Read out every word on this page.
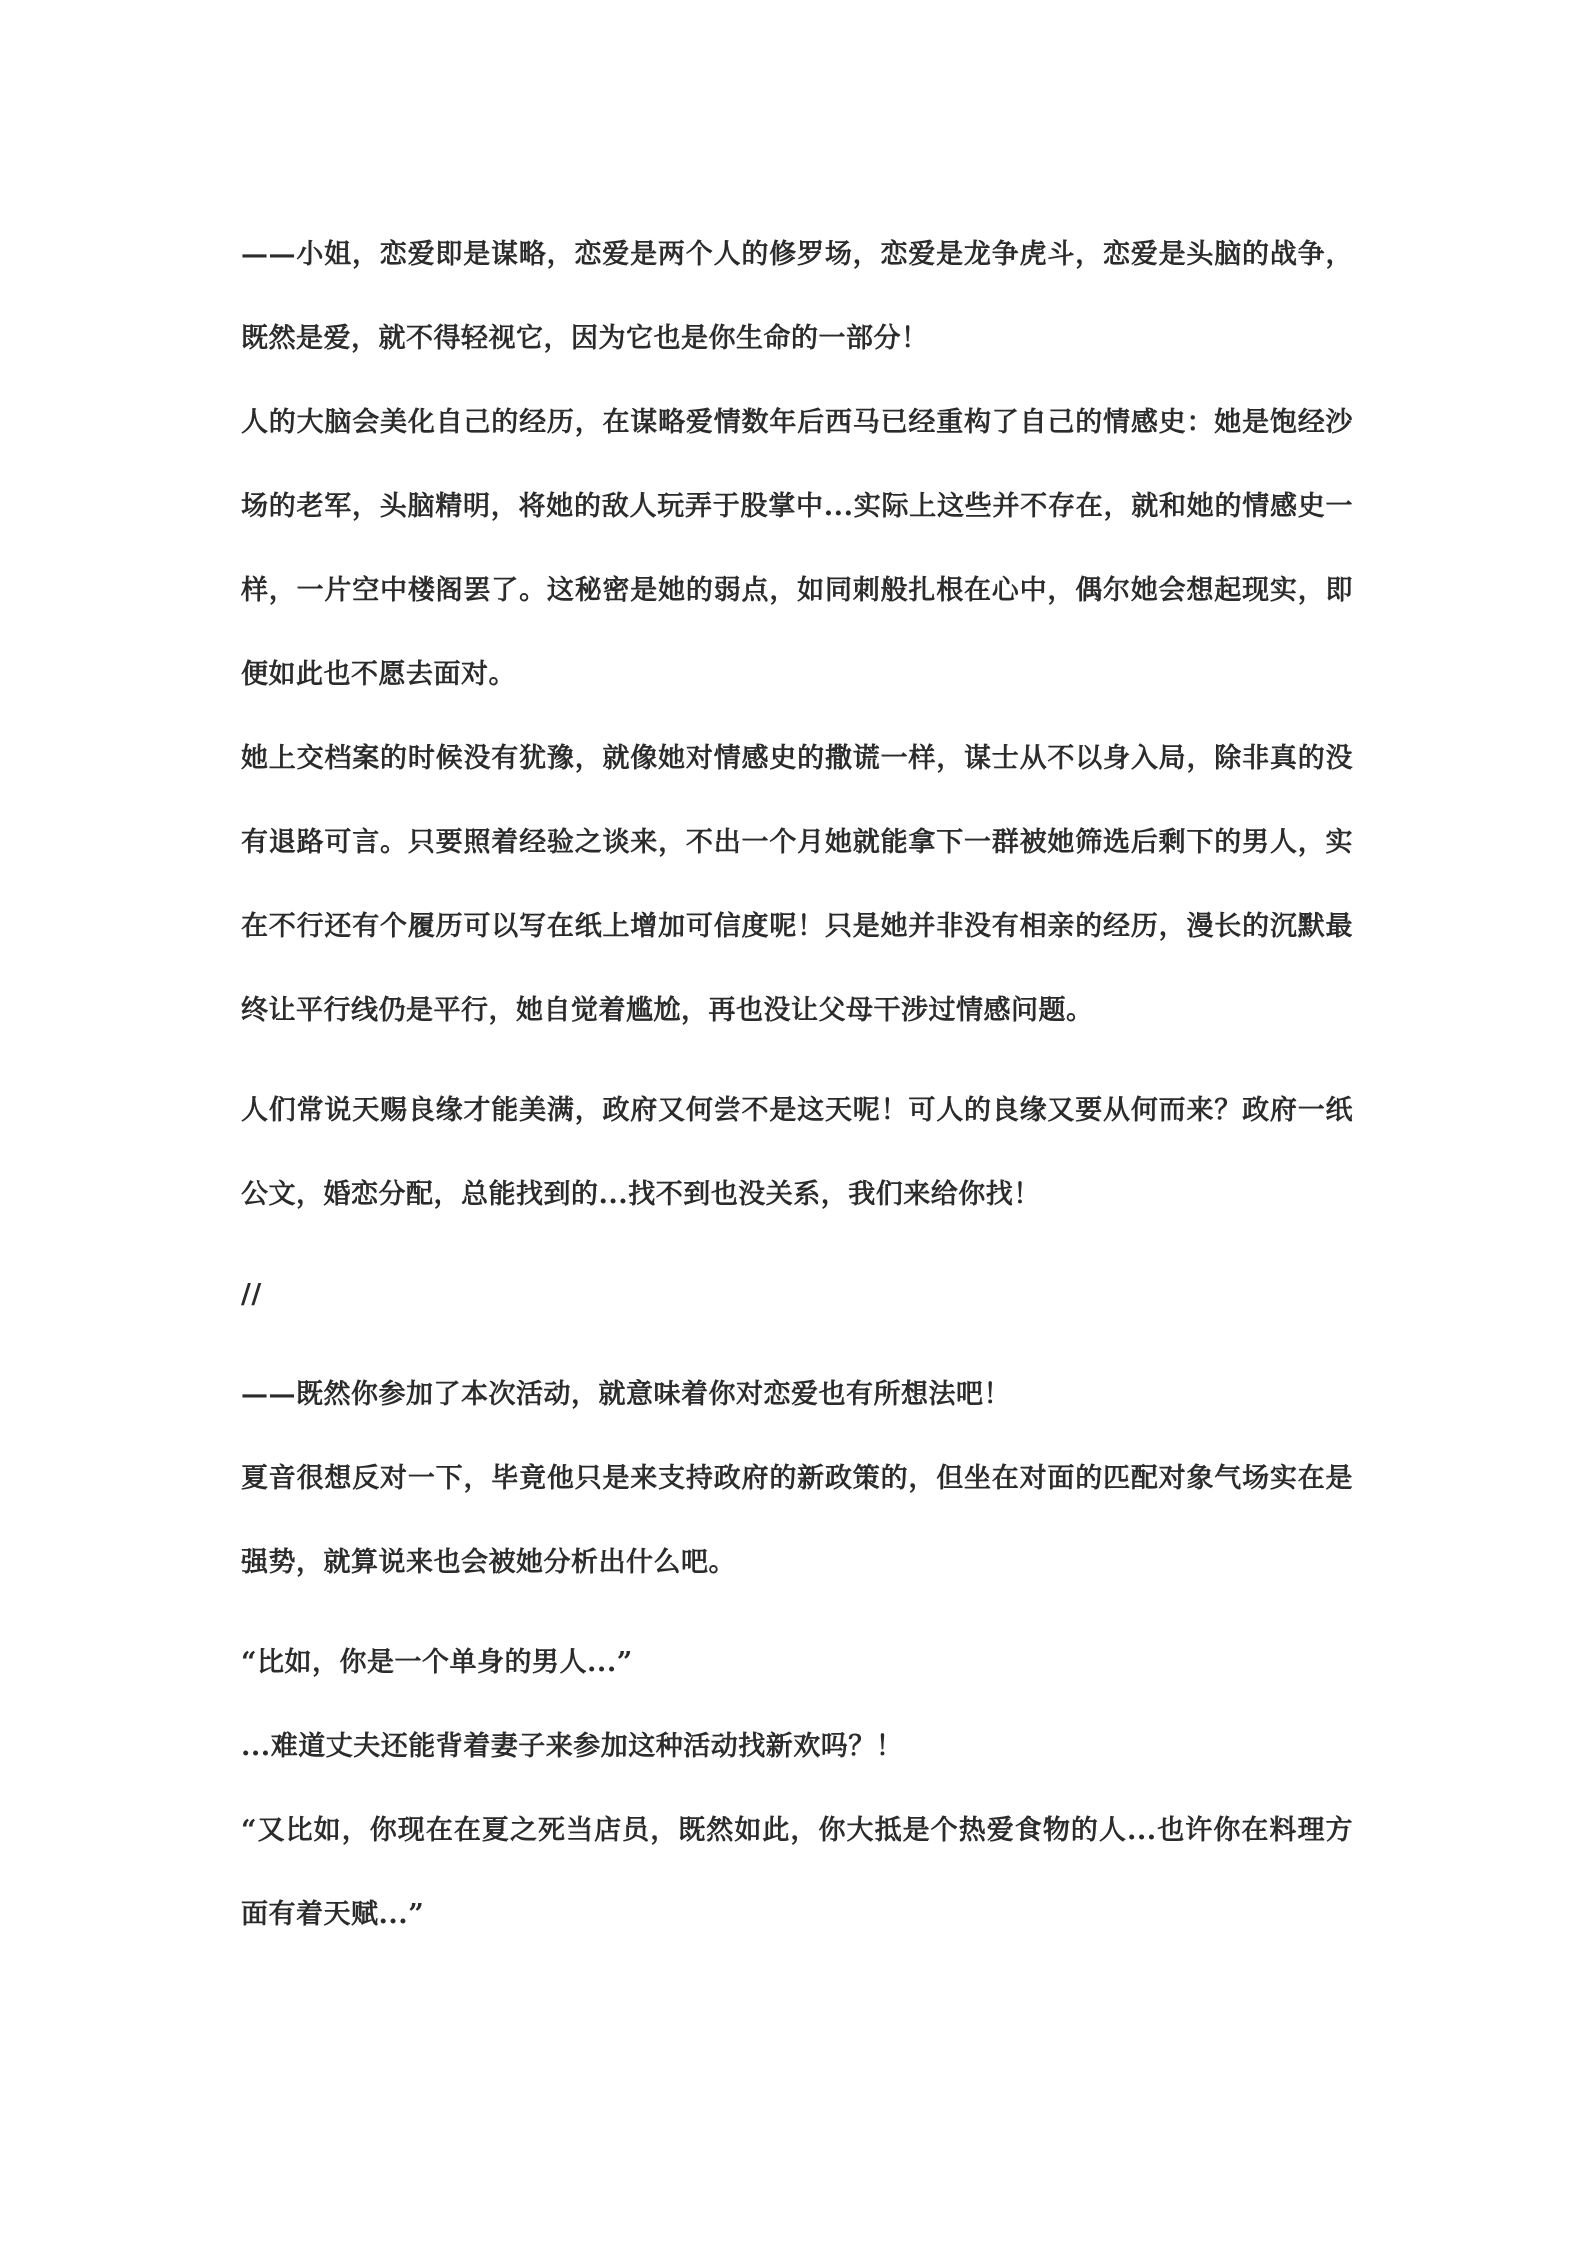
——小姐，恋爱即是谋略，恋爱是两个人的修罗场，恋爱是龙争虎斗，恋爱是头脑的战争，既然是爱，就不得轻视它，因为它也是你生命的一部分！

人的大脑会美化自己的经历，在谋略爱情数年后西马已经重构了自己的情感史：她是饱经沙场的老军，头脑精明，将她的敌人玩弄于股掌中...实际上这些并不存在，就和她的情感史一样，一片空中楼阁罢了。这秘密是她的弱点，如同刺般扎根在心中，偶尔她会想起现实，即便如此也不愿去面对。

她上交档案的时候没有犹豫，就像她对情感史的撒谎一样，谋士从不以身入局，除非真的没有退路可言。只要照着经验之谈来，不出一个月她就能拿下一群被她筛选后剩下的男人，实在不行还有个履历可以写在纸上增加可信度呢！只是她并非没有相亲的经历，漫长的沉默最终让平行线仍是平行，她自觉着尴尬，再也没让父母干涉过情感问题。

人们常说天赐良缘才能美满，政府又何尝不是这天呢！可人的良缘又要从何而来？政府一纸公文，婚恋分配，总能找到的...找不到也没关系，我们来给你找！

//

——既然你参加了本次活动，就意味着你对恋爱也有所想法吧！

夏音很想反对一下，毕竟他只是来支持政府的新政策的，但坐在对面的匹配对象气场实在是强势，就算说来也会被她分析出什么吧。

“比如，你是一个单身的男人...”

...难道丈夫还能背着妻子来参加这种活动找新欢吗？！

“又比如，你现在在夏之死当店员，既然如此，你大抵是个热爱食物的人...也许你在料理方面有着天赋...”
